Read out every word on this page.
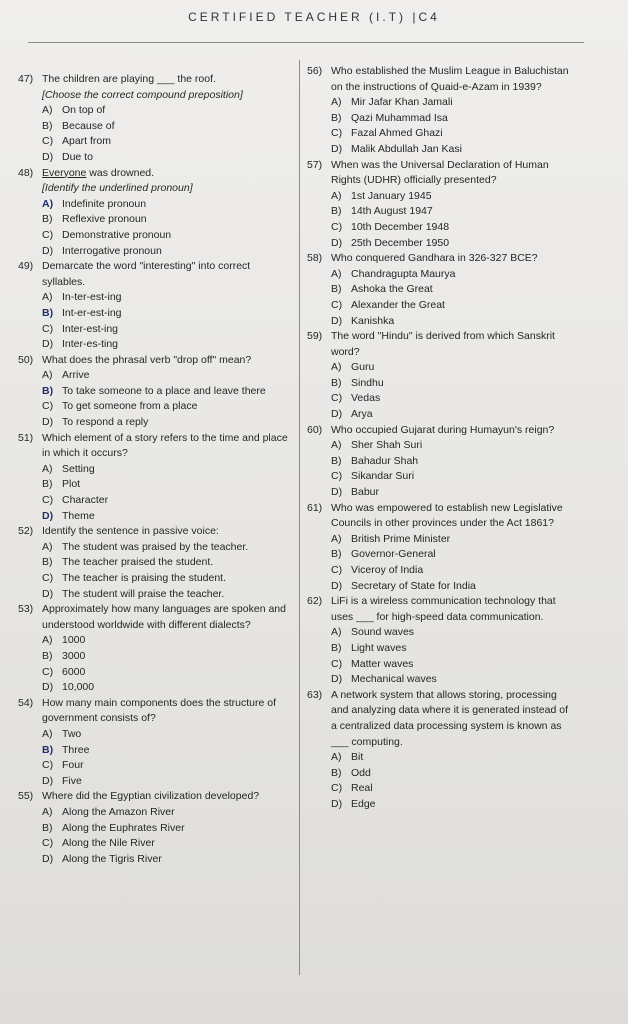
CERTIFIED TEACHER (I.T) |C4
47) The children are playing ___ the roof.
[Choose the correct compound preposition]
A) On top of
B) Because of
C) Apart from
D) Due to
48) Everyone was drowned.
[Identify the underlined pronoun]
A) Indefinite pronoun
B) Reflexive pronoun
C) Demonstrative pronoun
D) Interrogative pronoun
49) Demarcate the word "interesting" into correct syllables.
A) In-ter-est-ing
B) Int-er-est-ing
C) Inter-est-ing
D) Inter-es-ting
50) What does the phrasal verb "drop off" mean?
A) Arrive
B) To take someone to a place and leave there
C) To get someone from a place
D) To respond a reply
51) Which element of a story refers to the time and place in which it occurs?
A) Setting
B) Plot
C) Character
D) Theme
52) Identify the sentence in passive voice:
A) The student was praised by the teacher.
B) The teacher praised the student.
C) The teacher is praising the student.
D) The student will praise the teacher.
53) Approximately how many languages are spoken and understood worldwide with different dialects?
A) 1000
B) 3000
C) 6000
D) 10,000
54) How many main components does the structure of government consists of?
A) Two
B) Three
C) Four
D) Five
55) Where did the Egyptian civilization developed?
A) Along the Amazon River
B) Along the Euphrates River
C) Along the Nile River
D) Along the Tigris River
56) Who established the Muslim League in Baluchistan on the instructions of Quaid-e-Azam in 1939?
A) Mir Jafar Khan Jamali
B) Qazi Muhammad Isa
C) Fazal Ahmed Ghazi
D) Malik Abdullah Jan Kasi
57) When was the Universal Declaration of Human Rights (UDHR) officially presented?
A) 1st January 1945
B) 14th August 1947
C) 10th December 1948
D) 25th December 1950
58) Who conquered Gandhara in 326-327 BCE?
A) Chandragupta Maurya
B) Ashoka the Great
C) Alexander the Great
D) Kanishka
59) The word "Hindu" is derived from which Sanskrit word?
A) Guru
B) Sindhu
C) Vedas
D) Arya
60) Who occupied Gujarat during Humayun's reign?
A) Sher Shah Suri
B) Bahadur Shah
C) Sikandar Suri
D) Babur
61) Who was empowered to establish new Legislative Councils in other provinces under the Act 1861?
A) British Prime Minister
B) Governor-General
C) Viceroy of India
D) Secretary of State for India
62) LiFi is a wireless communication technology that uses ___ for high-speed data communication.
A) Sound waves
B) Light waves
C) Matter waves
D) Mechanical waves
63) A network system that allows storing, processing and analyzing data where it is generated instead of a centralized data processing system is known as ___ computing.
A) Bit
B) Odd
C) Real
D) Edge
